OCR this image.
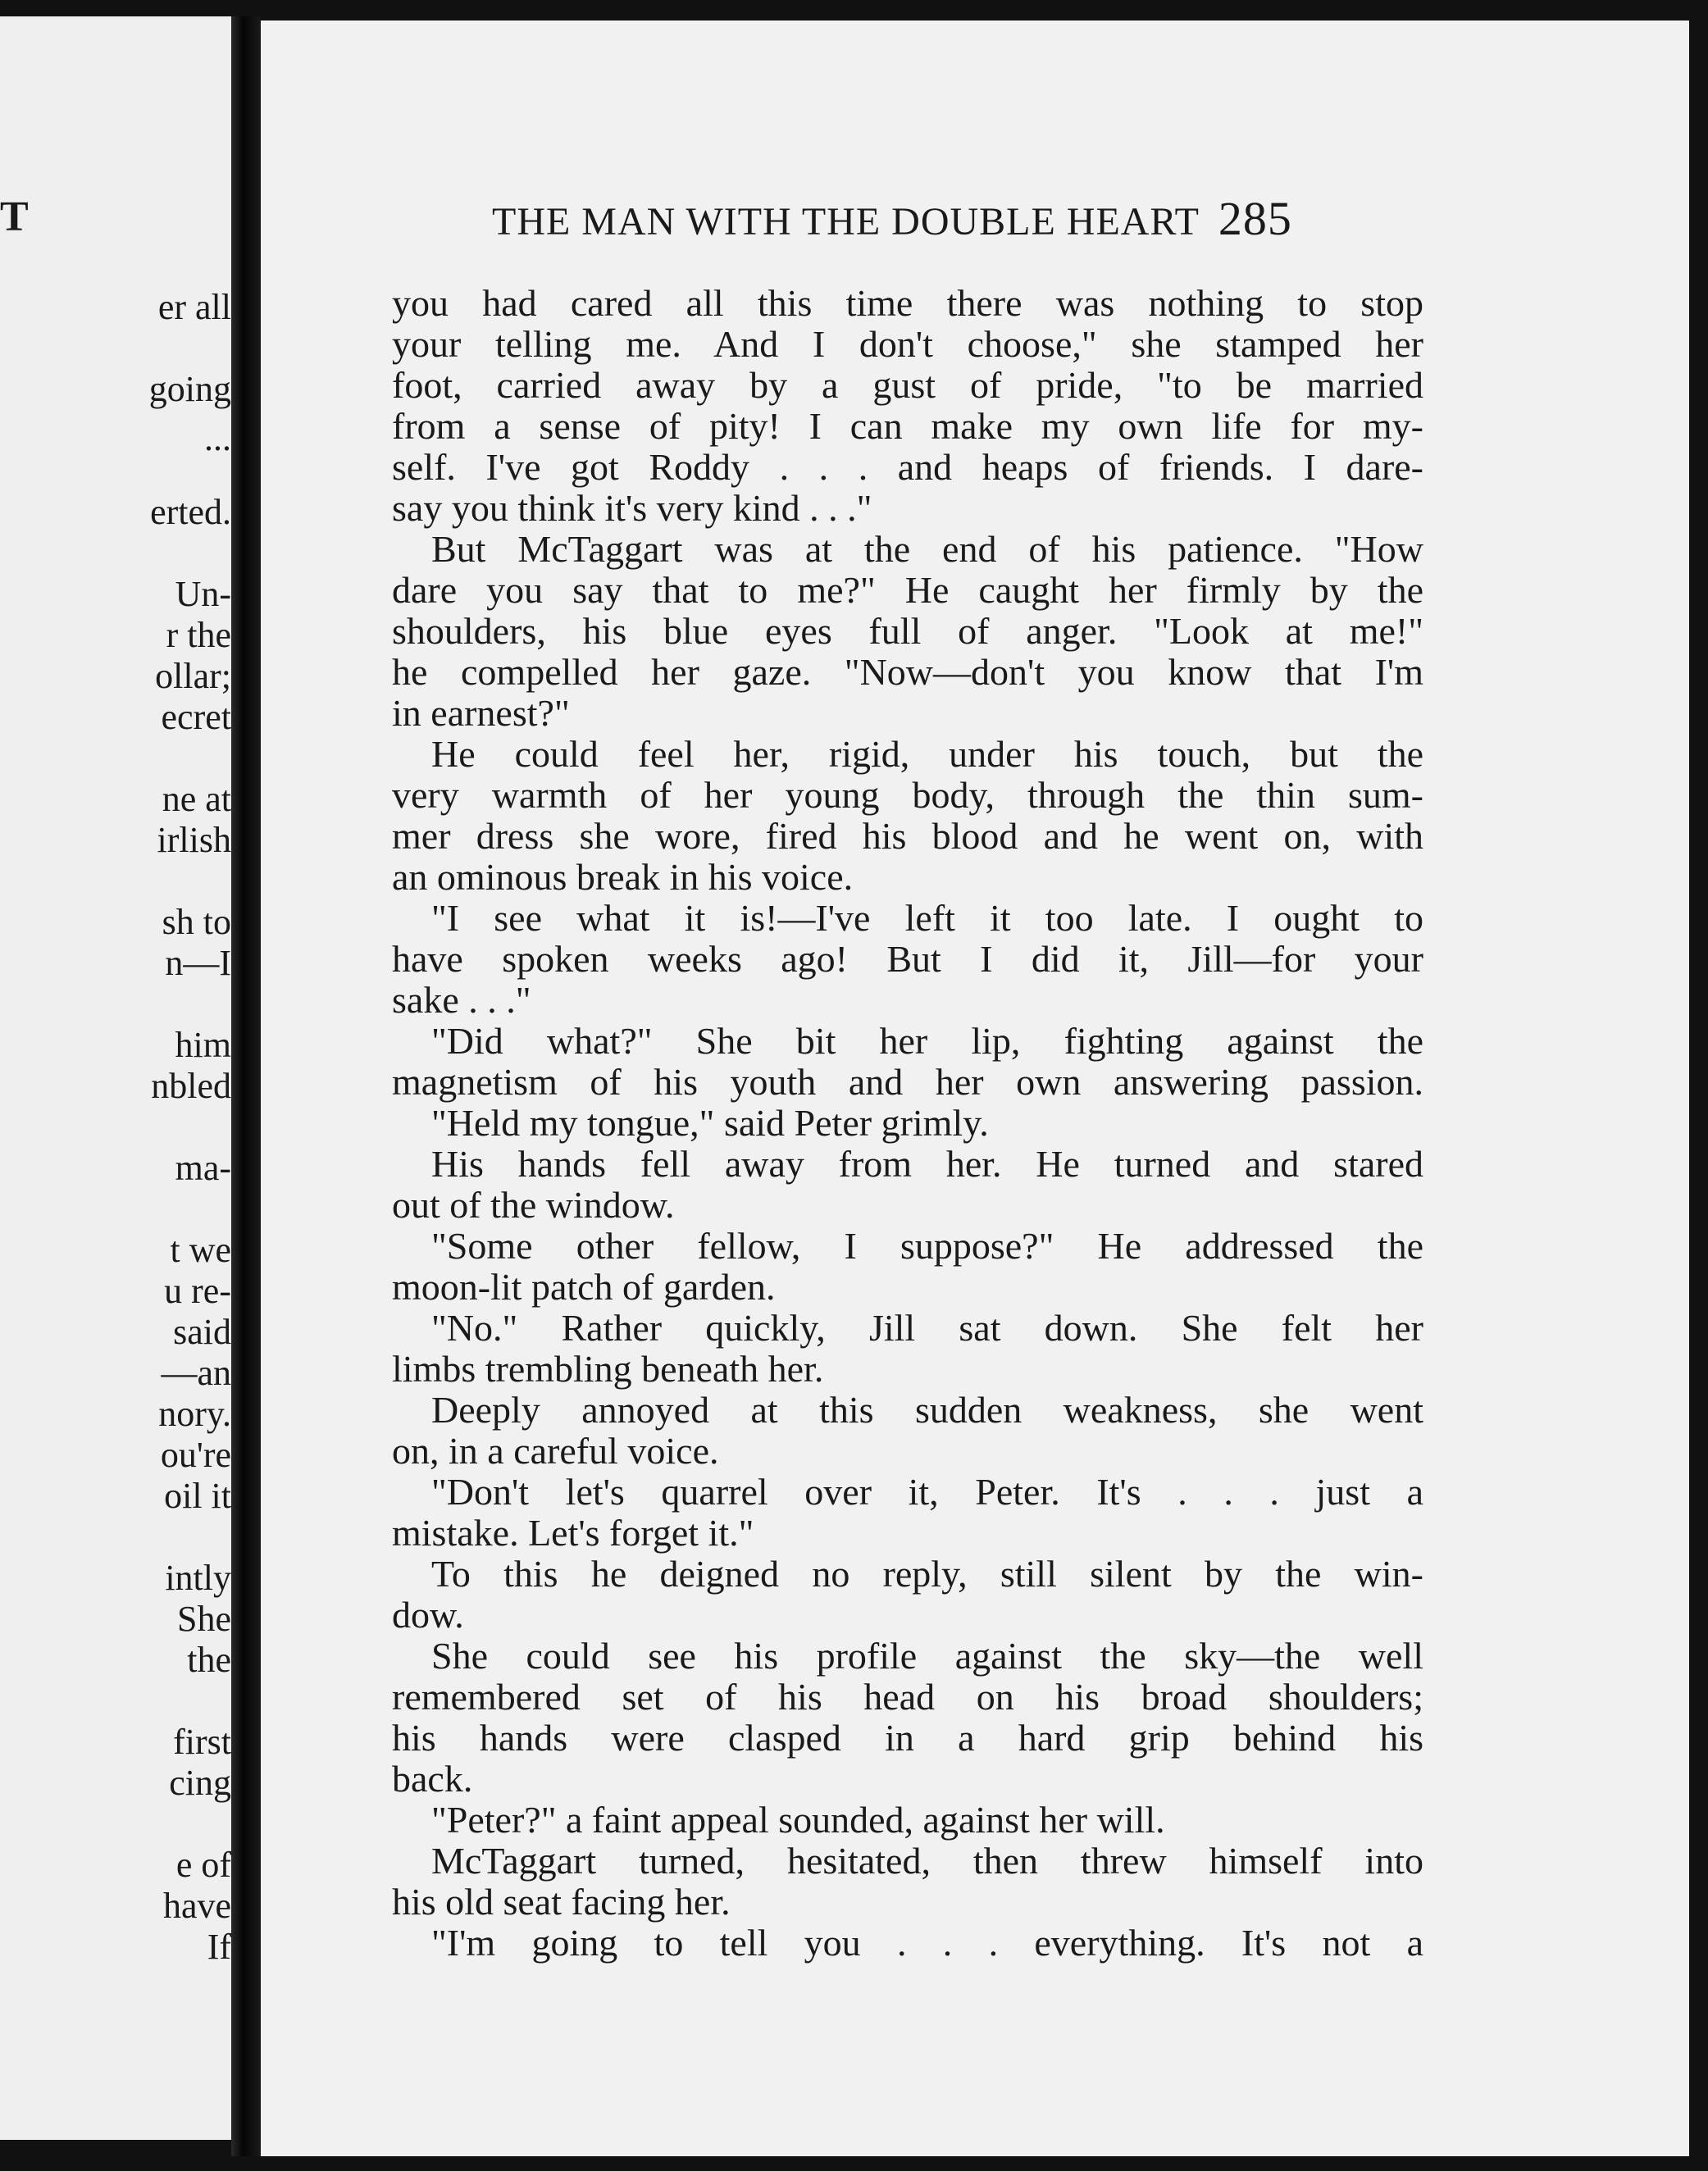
T
er all
going
...
erted.
Un-
r the
ollar;
ecret
ne at
irlish
sh to
n—I
him
nbled
ma-
t we
u re-
said
—an
nory.
ou're
oil it
intly
She
the
first
cing
e of
have
If
THE MAN WITH THE DOUBLE HEART 285
you had cared all this time there was nothing to stop
your telling me. And I don't choose," she stamped her
foot, carried away by a gust of pride, "to be married
from a sense of pity! I can make my own life for my-
self. I've got Roddy . . . and heaps of friends. I dare-
say you think it's very kind . . ."
But McTaggart was at the end of his patience. "How
dare you say that to me?" He caught her firmly by the
shoulders, his blue eyes full of anger. "Look at me!"
he compelled her gaze. "Now—don't you know that I'm
in earnest?"
He could feel her, rigid, under his touch, but the
very warmth of her young body, through the thin sum-
mer dress she wore, fired his blood and he went on, with
an ominous break in his voice.
"I see what it is!—I've left it too late. I ought to
have spoken weeks ago! But I did it, Jill—for your
sake . . ."
"Did what?" She bit her lip, fighting against the
magnetism of his youth and her own answering passion.
"Held my tongue," said Peter grimly.
His hands fell away from her. He turned and stared
out of the window.
"Some other fellow, I suppose?" He addressed the
moon-lit patch of garden.
"No." Rather quickly, Jill sat down. She felt her
limbs trembling beneath her.
Deeply annoyed at this sudden weakness, she went
on, in a careful voice.
"Don't let's quarrel over it, Peter. It's . . . just a
mistake. Let's forget it."
To this he deigned no reply, still silent by the win-
dow.
She could see his profile against the sky—the well
remembered set of his head on his broad shoulders;
his hands were clasped in a hard grip behind his
back.
"Peter?" a faint appeal sounded, against her will.
McTaggart turned, hesitated, then threw himself into
his old seat facing her.
"I'm going to tell you . . . everything. It's not a
